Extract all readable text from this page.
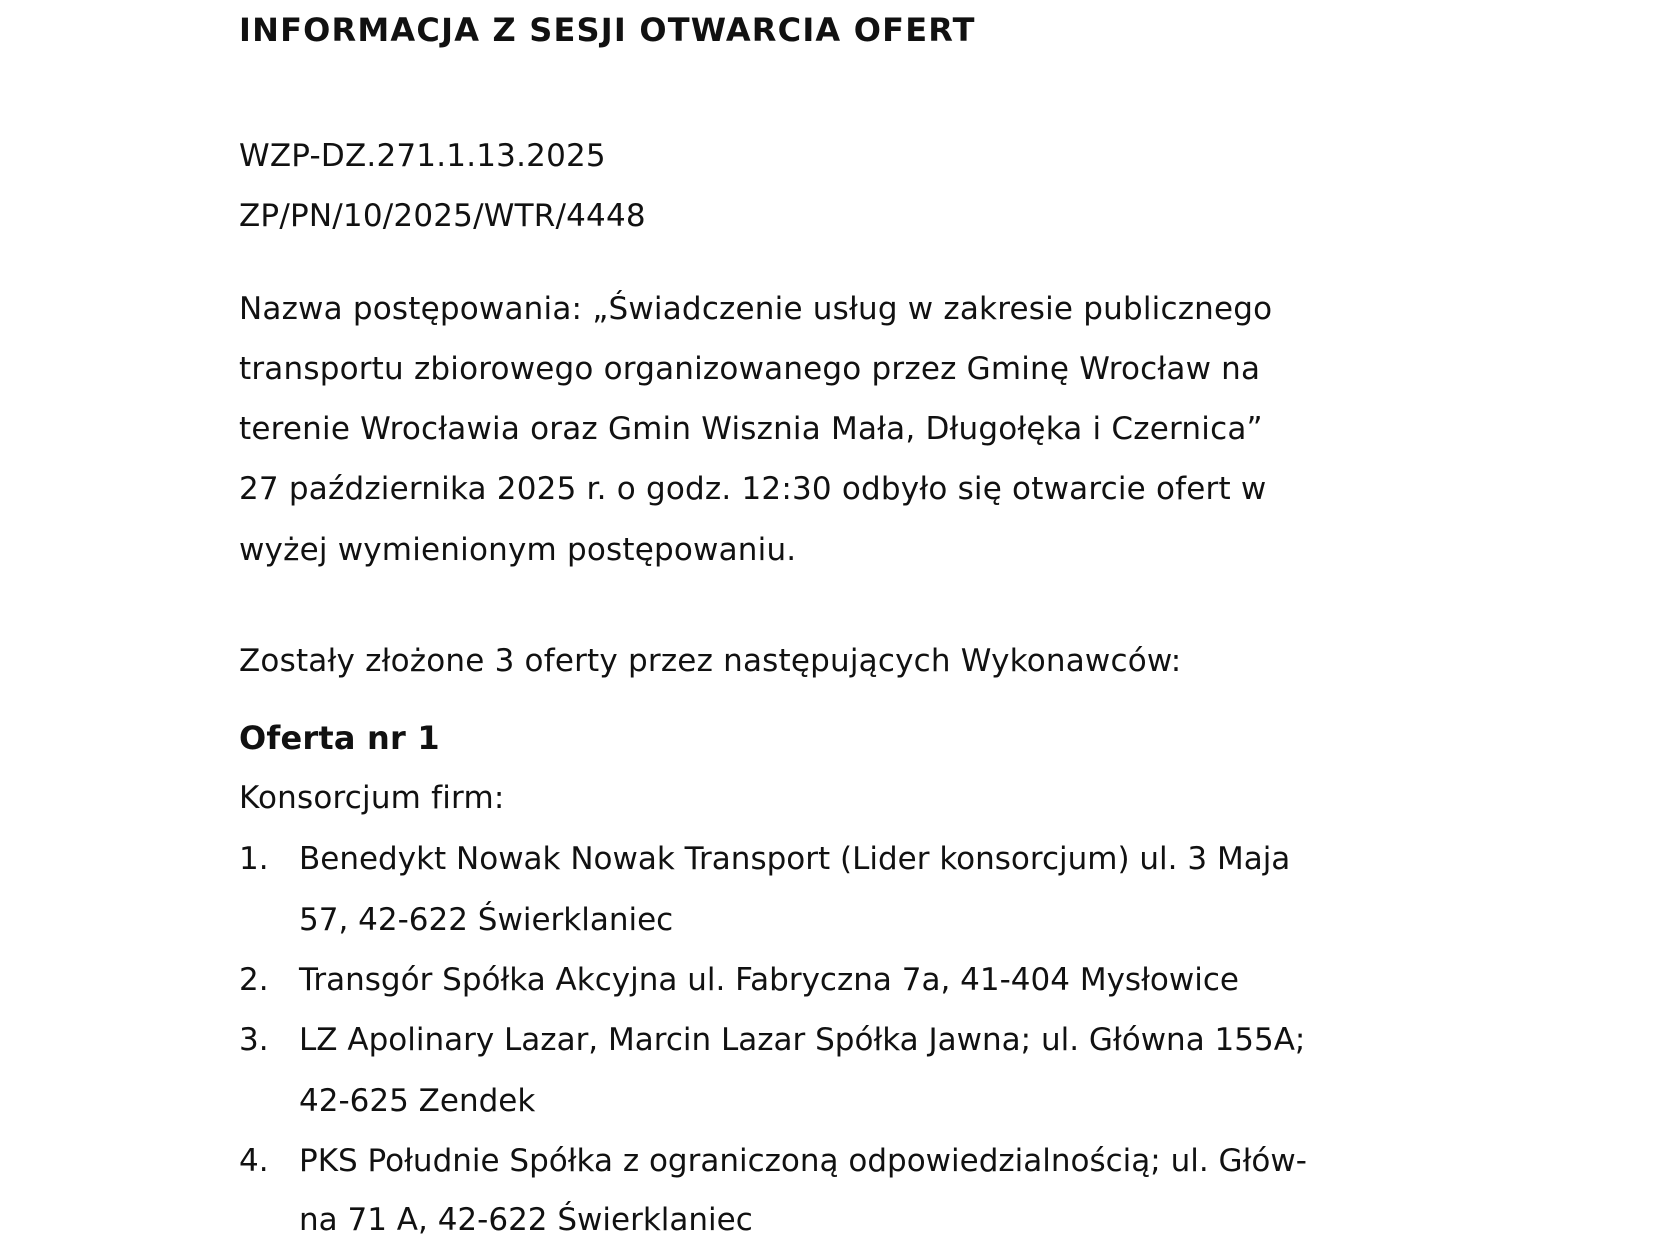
INFORMACJA Z SESJI OTWARCIA OFERT
WZP-DZ.271.1.13.2025
ZP/PN/10/2025/WTR/4448
Nazwa postępowania: „Świadczenie usług w zakresie publicznego
transportu zbiorowego organizowanego przez Gminę Wrocław na
terenie Wrocławia oraz Gmin Wisznia Mała, Długołęka i Czernica”
27 października 2025 r. o godz. 12:30 odbyło się otwarcie ofert w
wyżej wymienionym postępowaniu.
Zostały złożone 3 oferty przez następujących Wykonawców:
Oferta nr 1
Konsorcjum firm:
1. Benedykt Nowak Nowak Transport (Lider konsorcjum) ul. 3 Maja
57, 42-622 Świerklaniec
2. Transgór Spółka Akcyjna ul. Fabryczna 7a, 41-404 Mysłowice
3. LZ Apolinary Lazar, Marcin Lazar Spółka Jawna; ul. Główna 155A;
42-625 Zendek
4. PKS Południe Spółka z ograniczoną odpowiedzialnością; ul. Głów-
na 71 A, 42-622 Świerklaniec
